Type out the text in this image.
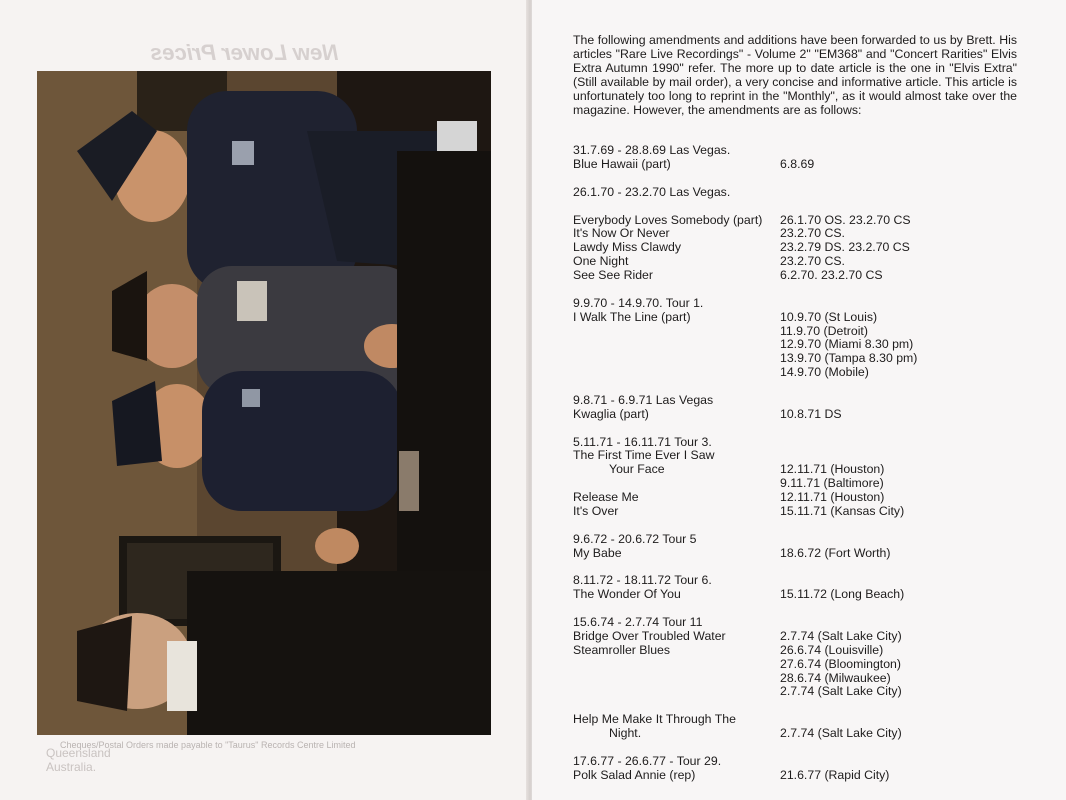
New Lower Prices
Cheques/Postal Orders made payable to "Taurus" Records Centre Limited
Queensland
Australia.
The following amendments and additions have been forwarded to us by Brett. His articles "Rare Live Recordings" - Volume 2" "EM368" and "Concert Rarities" Elvis Extra Autumn 1990" refer. The more up to date article is the one in "Elvis Extra" (Still available by mail order), a very concise and informative article. This article is unfortunately too long to reprint in the "Monthly", as it would almost take over the magazine. However, the amendments are as follows:
31.7.69 - 28.8.69 Las Vegas.
Blue Hawaii (part)	6.8.69
26.1.70 - 23.2.70 Las Vegas.
Everybody Loves Somebody (part) 26.1.70 OS. 23.2.70 CS
It's Now Or Never	23.2.70 CS.
Lawdy Miss Clawdy	23.2.79 DS. 23.2.70 CS
One Night	23.2.70 CS.
See See Rider	6.2.70. 23.2.70 CS
9.9.70 - 14.9.70. Tour 1.
I Walk The Line (part)	10.9.70 (St Louis)
11.9.70 (Detroit)
12.9.70 (Miami 8.30 pm)
13.9.70 (Tampa 8.30 pm)
14.9.70 (Mobile)
9.8.71 - 6.9.71 Las Vegas
Kwaglia (part)	10.8.71 DS
5.11.71 - 16.11.71 Tour 3.
The First Time Ever I Saw
Your Face	12.11.71 (Houston)
9.11.71 (Baltimore)
Release Me	12.11.71 (Houston)
It's Over	15.11.71 (Kansas City)
9.6.72 - 20.6.72 Tour 5
My Babe	18.6.72 (Fort Worth)
8.11.72 - 18.11.72 Tour 6.
The Wonder Of You	15.11.72 (Long Beach)
15.6.74 - 2.7.74 Tour 11
Bridge Over Troubled Water	2.7.74 (Salt Lake City)
Steamroller Blues	26.6.74 (Louisville)
27.6.74 (Bloomington)
28.6.74 (Milwaukee)
2.7.74 (Salt Lake City)
Help Me Make It Through The
Night.	2.7.74 (Salt Lake City)
17.6.77 - 26.6.77 - Tour 29.
Polk Salad Annie (rep)	21.6.77 (Rapid City)
